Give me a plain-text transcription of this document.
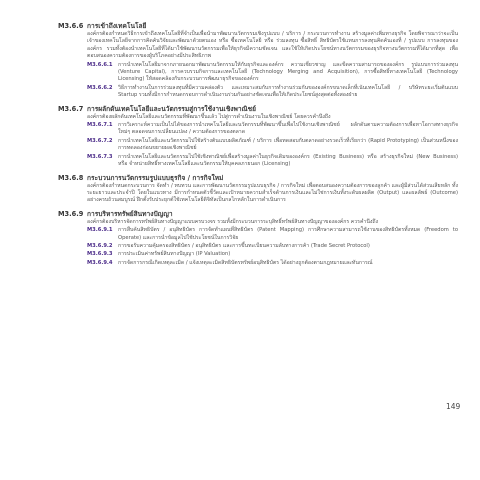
M3.6.6 การเข้าถึงเทคโนโลยี
องค์กรต้องกำหนดวิธีการเข้าถึงเทคโนโลยีที่จำเป็นเพื่อนำมาพัฒนานวัตกรรมเชิงรูปแบบ / บริการ / กระบวนการทำงาน สร้างมูลค่าเพิ่มทางธุรกิจ โดยพิจารณาว่าจะเป็นเจ้าของเทคโนโลยีจากการคิดค้นวิจัยและพัฒนาด้วยตนเอง หรือ ซื้อเทคโนโลยี หรือ ร่วมลงทุน ซื้อสิทธิ์ สิทธิบัตรใช้แทนการลงทุนคิดค้นเองที่ / รูปแบบ การลงทุนขององค์กร รวมทั้งต้องนำเทคโนโลยีที่ได้มาใช้พัฒนานวัตกรรมเพื่อให้ธุรกิจมีความชัดเจน และใช้ให้เกิดประโยชน์ทางนวัตกรรมของธุรกิจทางนวัตกรรมที่ได้มากที่สุด เพื่อตอบสนองความต้องการของผู้บริโภคอย่างมีประสิทธิภาพ
M3.6.6.1	การนำเทคโนโลยีมาจากภายนอกมาพัฒนานวัตกรรมให้กับธุรกิจและองค์กร ความเชี่ยวชาญ และขีดความสามารถขององค์กร รูปแบบการร่วมลงทุน (Venture Capital), การควบรวมกิจการและเทคโนโลยี (Technology Merging and Acquisition), การซื้อสิทธิ์ทางเทคโนโลยี (Technology Licensing) ให้สอดคล้องกับกระบวนการพัฒนาธุรกิจขององค์กร
M3.6.6.2	วิธีการทำงานในการร่วมลงทุนที่มีความคล่องตัว และเหมาะสมกับการทำงานร่วมกันขององค์กรขนาดเล็กที่เน้นเทคโนโลยี / บริษัทระยะเริ่มต้นแบบ Startup รวมทั้งมีการกำหนดกรอบการดำเนินงานร่วมกันอย่างชัดเจนเพื่อให้เกิดประโยชน์สูงสุดต่อทั้งสองฝ่าย
M3.6.7 การผลักดันเทคโนโลยีและนวัตกรรมสู่การใช้งานเชิงพาณิชย์
องค์กรต้องผลักดันเทคโนโลยีและนวัตกรรมที่พัฒนาขึ้นแล้ว ไปสู่การดำเนินงานในเชิงพาณิชย์ โดยควรคำนึงถึง
M3.6.7.1	การวิเคราะห์ความเป็นไปได้ของการนำเทคโนโลยีและนวัตกรรมที่พัฒนาขึ้นเพื่อไปใช้งานเชิงพาณิชย์ ผลักดันตามความต้องการเพื่อหาโอกาสทางธุรกิจใหม่ๆ ตลอดจนการเปลี่ยนแปลง / ความต้องการของตลาด
M3.6.7.2	การนำเทคโนโลยีและนวัตกรรมไปใช้สร้างต้นแบบผลิตภัณฑ์ / บริการ เพื่อทดสอบกับตลาดอย่างรวดเร็วที่เรียกว่า (Rapid Prototyping) เป็นส่วนหนึ่งของการทดลองก่อนขยายผลเชิงพาณิชย์
M3.6.7.3	การนำเทคโนโลยีและนวัตกรรมไปใช้เชิงพาณิชย์เพื่อสร้างมูลค่าในธุรกิจเดิมขององค์กร (Existing Business) หรือ สร้างธุรกิจใหม่ (New Business) หรือ จำหน่ายสิทธิ์ทางเทคโนโลยีและนวัตกรรมให้บุคคลภายนอก (Licensing)
M3.6.8 กระบวนการนวัตกรรมรูปแบบธุรกิจ / การกิจใหม่
องค์กรต้องกำหนดกระบวนการ จัดทำ / ทบทวน และการพัฒนานวัตกรรมรูปแบบธุรกิจ / การกิจใหม่ เพื่อตอบสนองความต้องการของลูกค้า และผู้มีส่วนได้ส่วนเสียหลัก ทั้งระยะยาวและประจำปี โดยในแนวทาง มีการกำหนดตัวชี้วัดและเป้าหมายความสำเร็จด้านการเงินและไม่ใช่การเงินทั้งระดับผลผลิต (Output) และผลลัพธ์ (Outcome) อย่างครบถ้วนสมบูรณ์ ฝึกตั้งรับประยุกต์ใช้เทคโนโลยีดิจิทัลเป็นกลไกหลักในการดำเนินการ
M3.6.9 การบริหารทรัพย์สินทางปัญญา
องค์กรต้องบริหารจัดการทรัพย์สินทางปัญญาแบบครบวงจร รวมทั้งมีกระบวนการระบุสิทธิ์ทรัพย์สินทางปัญญาขององค์กร ควรคำนึงถึง
M3.6.9.1	การสืบค้นสิทธิบัตร / อนุสิทธิบัตร การจัดทำแผนที่สิทธิบัตร (Patent Mapping) การศึกษาความสามารถใช้งานของสิทธิบัตรทั้งหมด (Freedom to Operate) และการนำข้อมูลไปใช้ประโยชน์ในการวิจัย
M3.6.9.2	การขอรับความคุ้มครองสิทธิบัตร / อนุสิทธิบัตร และการขึ้นทะเบียนความลับทางการค้า (Trade Secret Protocol)
M3.6.9.3	การประเมินค่าทรัพย์สินทางปัญญา (IP Valuation)
M3.6.9.4	การจัดการกรณีเกิดเหตุละเมิด / แจ้งเหตุละเมิดสิทธิบัตรทรัพย์อนุสิทธิบัตร ได้อย่างถูกต้องตามกฎหมายและทันการณ์
149
